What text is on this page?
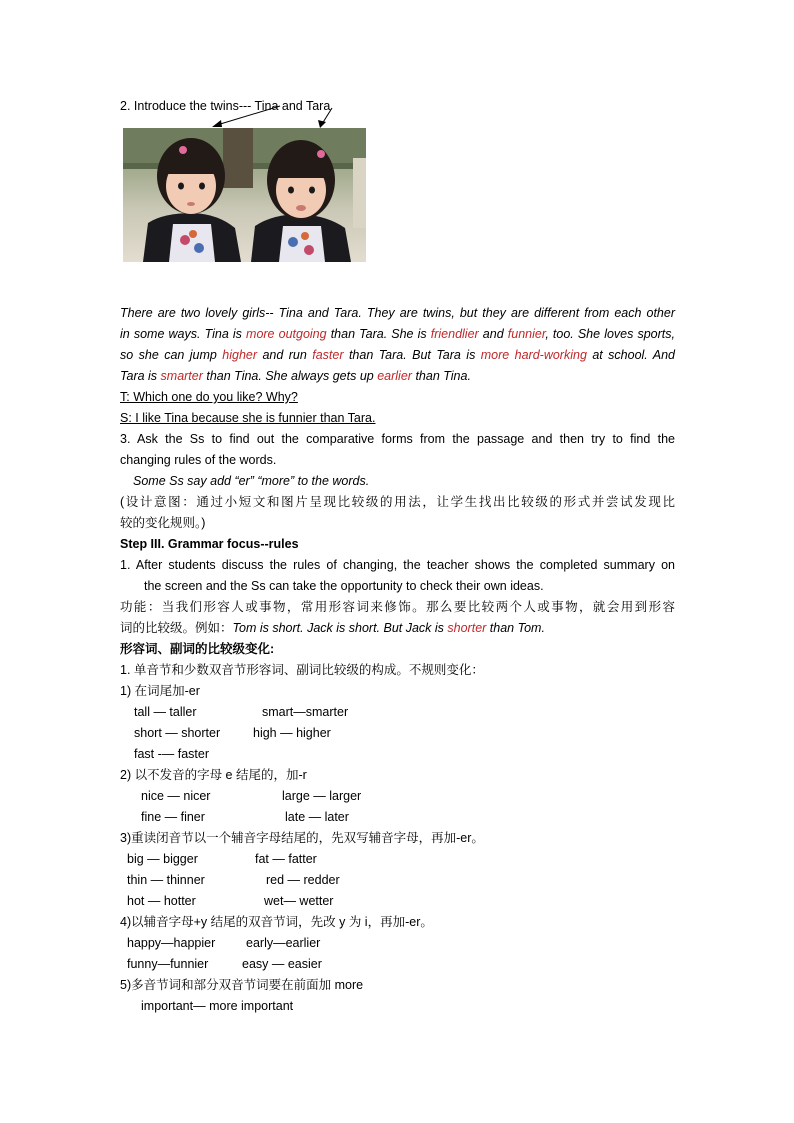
2. Introduce the twins--- Tina and Tara
There are two lovely girls-- Tina and Tara. They are twins, but they are different from each other
in some ways. Tina is more outgoing than Tara. She is friendlier and funnier, too. She loves sports,
so she can jump higher and run faster than Tara. But Tara is more hard-working at school. And
Tara is smarter than Tina. She always gets up earlier than Tina.
T: Which one do you like? Why?
S: I like Tina because she is funnier than Tara.
3. Ask the Ss to find out the comparative forms from the passage and then try to find the
changing rules of the words.
Some Ss say add “er” “more” to the words.
(设计意图：通过小短文和图片呈现比较级的用法，让学生找出比较级的形式并尝试发现比
较的变化规则。)
Step III. Grammar focus--rules
1. After students discuss the rules of changing, the teacher shows the completed summary on
the screen and the Ss can take the opportunity to check their own ideas.
功能：当我们形容人或事物，常用形容词来修饰。那么要比较两个人或事物，就会用到形容
词的比较级。例如：Tom is short. Jack is short. But Jack is shorter than Tom.
形容词、副词的比较级变化:
1. 单音节和少数双音节形容词、副词比较级的构成。不规则变化：
1) 在词尾加-er
tall — taller	smart—smarter
short — shorter	high — higher
fast -— faster
2) 以不发音的字母 e 结尾的，加-r
nice — nicer	large — larger
fine — finer	late — later
3)重读闭音节以一个辅音字母结尾的，先双写辅音字母，再加-er。
big — bigger	fat — fatter
thin — thinner	red — redder
hot — hotter	wet— wetter
4)以辅音字母+y 结尾的双音节词，先改 y 为 i，再加-er。
happy—happier	early—earlier
funny—funnier	easy — easier
5)多音节词和部分双音节词要在前面加 more
important— more important
